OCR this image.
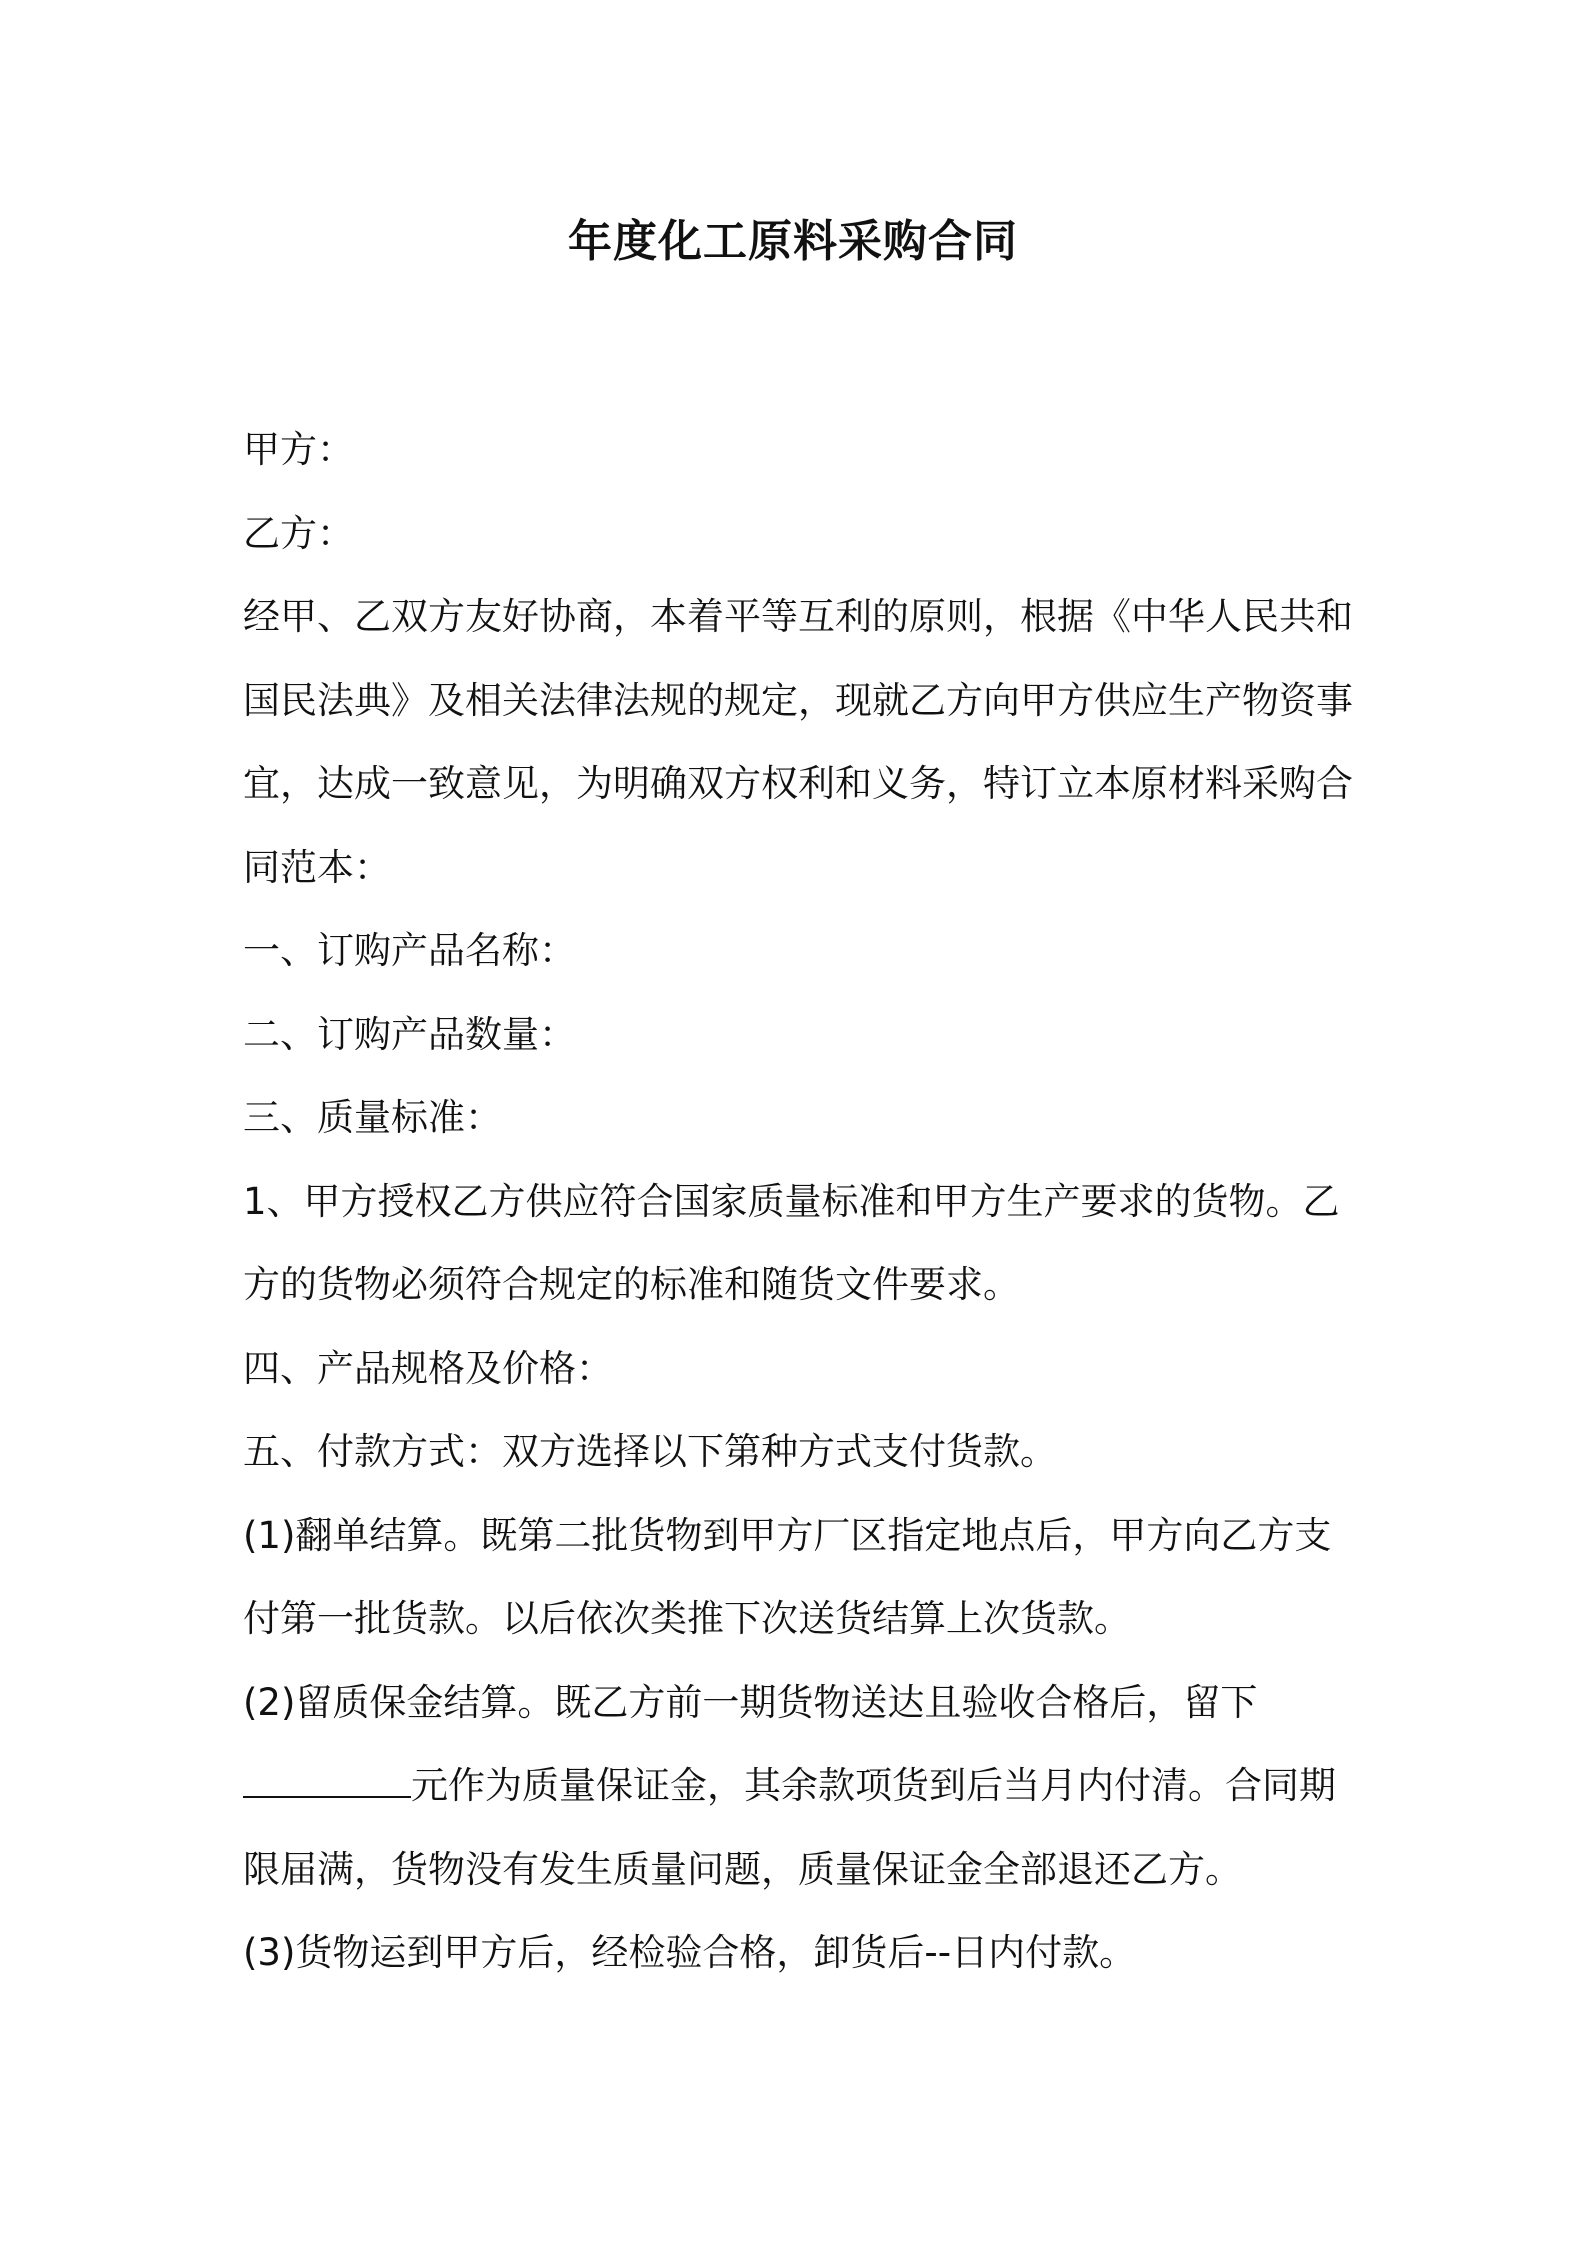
年度化工原料采购合同

甲方：

乙方：

经甲、乙双方友好协商，本着平等互利的原则，根据《中华人民共和国民法典》及相关法律法规的规定，现就乙方向甲方供应生产物资事宜，达成一致意见，为明确双方权利和义务，特订立本原材料采购合同范本：

一、订购产品名称：

二、订购产品数量：

三、质量标准：

1、甲方授权乙方供应符合国家质量标准和甲方生产要求的货物。乙方的货物必须符合规定的标准和随货文件要求。

四、产品规格及价格：

五、付款方式：双方选择以下第种方式支付货款。

(1)翻单结算。既第二批货物到甲方厂区指定地点后，甲方向乙方支付第一批货款。以后依次类推下次送货结算上次货款。

(2)留质保金结算。既乙方前一期货物送达且验收合格后，留下元作为质量保证金，其余款项货到后当月内付清。合同期限届满，货物没有发生质量问题，质量保证金全部退还乙方。

(3)货物运到甲方后，经检验合格，卸货后--日内付款。
